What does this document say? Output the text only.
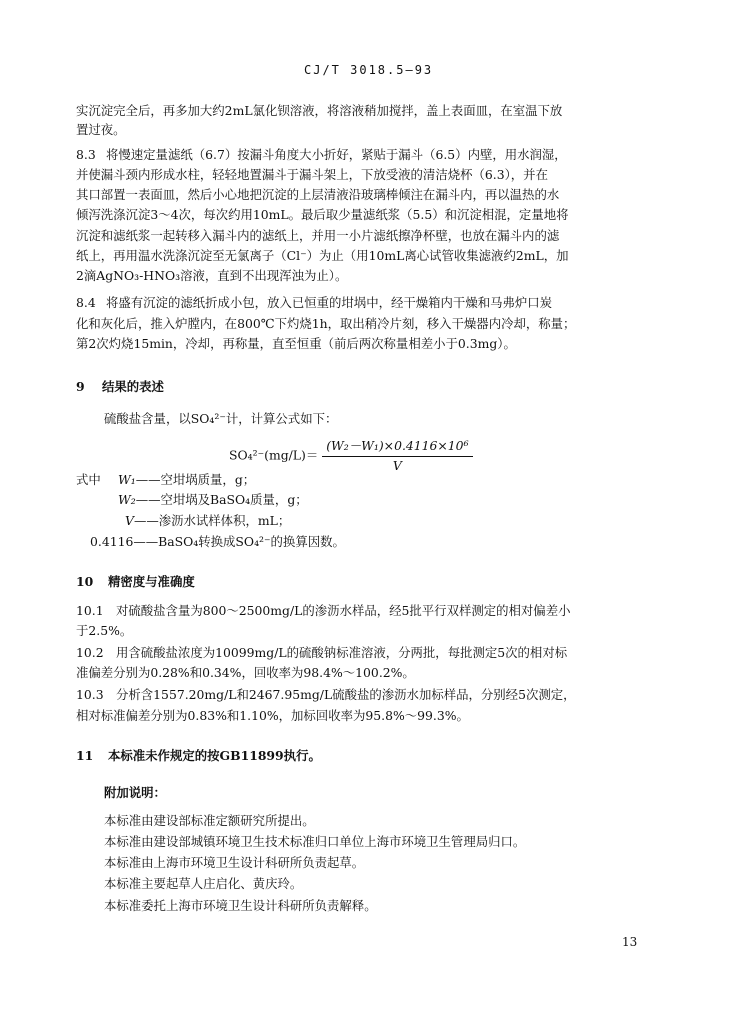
CJ/T 3018.5—93
实沉淀完全后，再多加大约2mL氯化钡溶液，将溶液稍加搅拌，盖上表面皿，在室温下放
置过夜。
8.3 将慢速定量滤纸（6.7）按漏斗角度大小折好，紧贴于漏斗（6.5）内壁，用水润湿，
并使漏斗颈内形成水柱，轻轻地置漏斗于漏斗架上，下放受液的清洁烧杯（6.3），并在
其口部置一表面皿，然后小心地把沉淀的上层清液沿玻璃棒倾注在漏斗内，再以温热的水
倾泻洗涤沉淀3～4次，每次约用10mL。最后取少量滤纸浆（5.5）和沉淀相混，定量地将
沉淀和滤纸浆一起转移入漏斗内的滤纸上，并用一小片滤纸擦净杯壁，也放在漏斗内的滤
纸上，再用温水洗涤沉淀至无氯离子（Cl⁻）为止（用10mL离心试管收集滤液约2mL，加
2滴AgNO₃-HNO₃溶液，直到不出现浑浊为止）。
8.4 将盛有沉淀的滤纸折成小包，放入已恒重的坩埚中，经干燥箱内干燥和马弗炉口炭
化和灰化后，推入炉膛内，在800℃下灼烧1h，取出稍冷片刻，移入干燥器内冷却，称量；
第2次灼烧15min，冷却，再称量，直至恒重（前后两次称量相差小于0.3mg）。
9 结果的表述
硫酸盐含量，以SO₄²⁻计，计算公式如下：
$SO_4^{2-}(mg/L)= \frac{\text{(W₂－W₁)×0.4116×10⁶}}{V}$
式中 W₁——空坩埚质量，g；
W₂——空坩埚及BaSO₄质量，g；
V——渗沥水试样体积，mL；
0.4116——BaSO₄转换成SO₄²⁻的换算因数。
10 精密度与准确度
10.1 对硫酸盐含量为800～2500mg/L的渗沥水样品，经5批平行双样测定的相对偏差小
于2.5%。
10.2 用含硫酸盐浓度为10099mg/L的硫酸钠标准溶液，分两批，每批测定5次的相对标
准偏差分别为0.28%和0.34%，回收率为98.4%～100.2%。
10.3 分析含1557.20mg/L和2467.95mg/L硫酸盐的渗沥水加标样品，分别经5次测定，
相对标准偏差分别为0.83%和1.10%，加标回收率为95.8%～99.3%。
11 本标准未作规定的按GB11899执行。
附加说明：
本标准由建设部标准定额研究所提出。
本标准由建设部城镇环境卫生技术标准归口单位上海市环境卫生管理局归口。
本标准由上海市环境卫生设计科研所负责起草。
本标准主要起草人庄启化、黄庆玲。
本标准委托上海市环境卫生设计科研所负责解释。
13
